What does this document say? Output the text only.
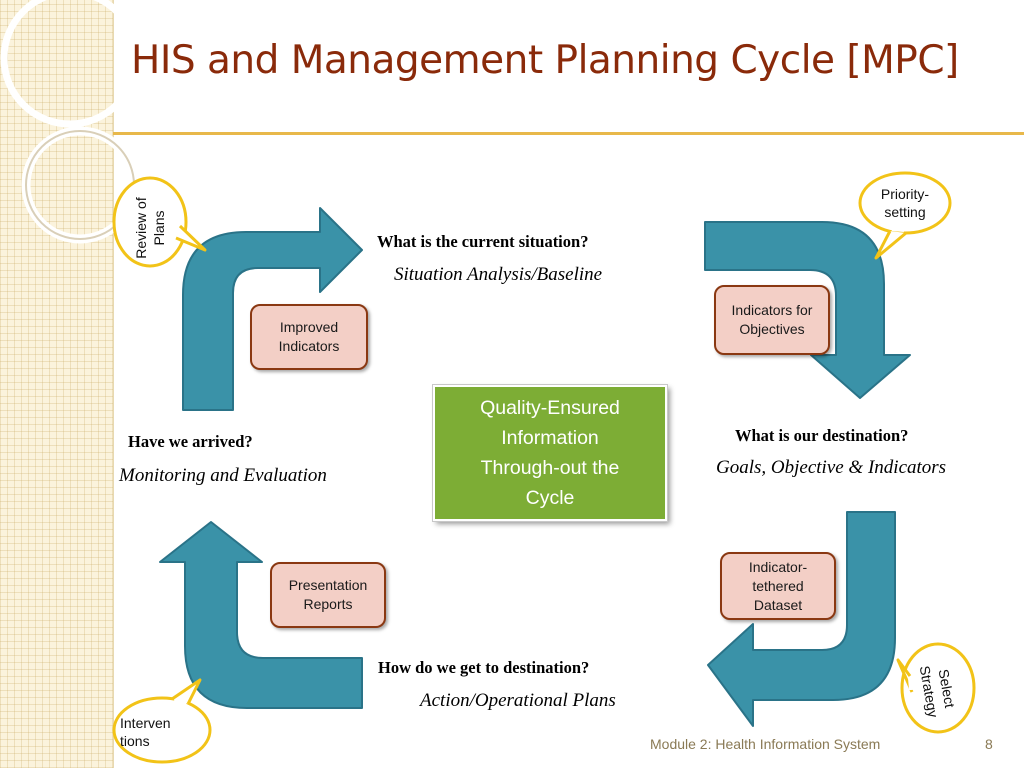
HIS and Management Planning Cycle [MPC]
What is the current situation?
Situation Analysis/Baseline
What is our destination?
Goals, Objective & Indicators
How do we get to destination?
Action/Operational Plans
Have we arrived?
Monitoring and Evaluation
Quality-Ensured Information Through-out the Cycle
Improved Indicators
Indicators for Objectives
Indicator-tethered Dataset
Presentation Reports
Review of
Plans
Priority-
setting
Select
Strategy
Interven
tions	Module 2: Health Information System	8
